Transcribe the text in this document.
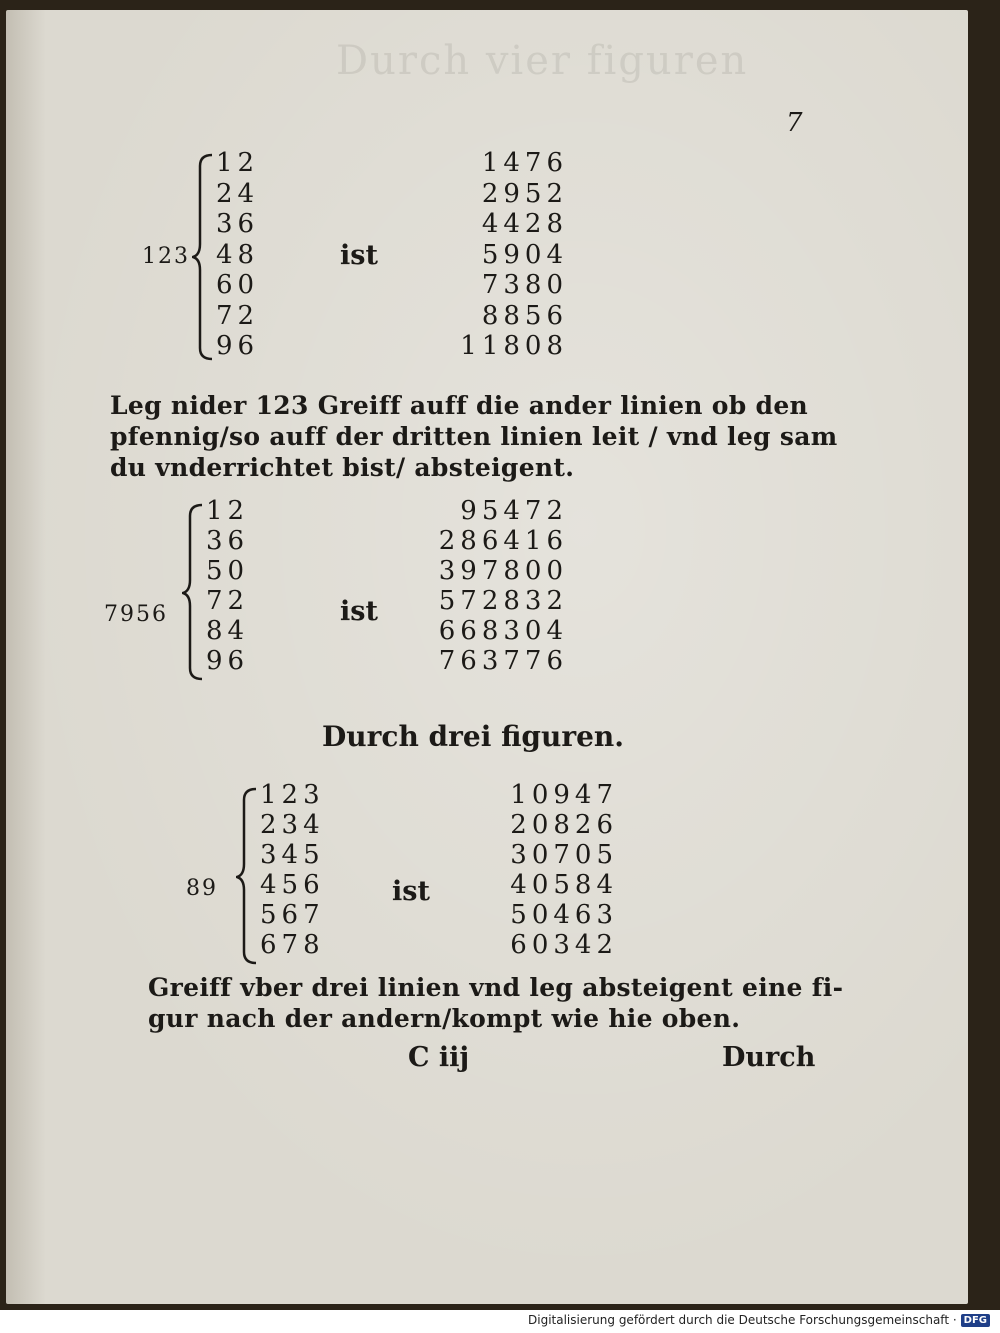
Durch vier figuren
7
123
12
24
36
48
60
72
96
ist
1476
2952
4428
5904
7380
8856
11808
Leg nider 123 Greiff auff die ander linien ob den
pfennig/so auff der dritten linien leit / vnd leg sam
du vnderrichtet bist/ absteigent.
7956
12
36
50
72
84
96
ist
95472
286416
397800
572832
668304
763776
Durch drei figuren.
89
123
234
345
456
567
678
ist
10947
20826
30705
40584
50463
60342
Greiff vber drei linien vnd leg absteigent eine fi-
gur nach der andern/kompt wie hie oben.
C iij	Durch
Digitalisierung gefördert durch die Deutsche Forschungsgemeinschaft · DFG
